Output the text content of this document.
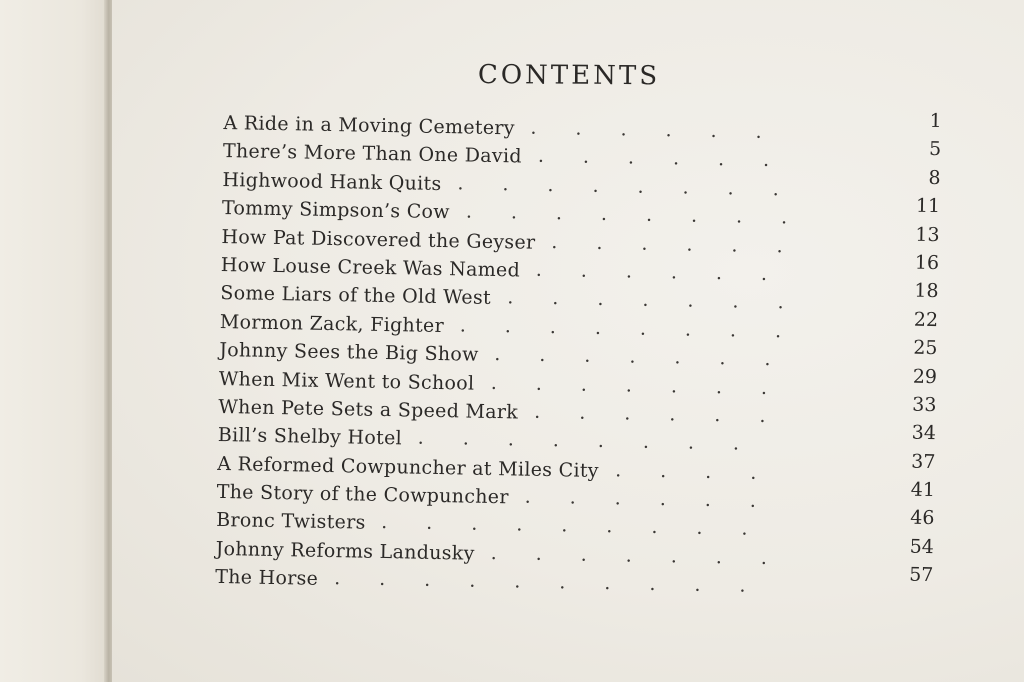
CONTENTS
A Ride in a Moving Cemetery ......	1
There’s More Than One David ......	5
Highwood Hank Quits ........	8
Tommy Simpson’s Cow ........	11
How Pat Discovered the Geyser ......	13
How Louse Creek Was Named ......	16
Some Liars of the Old West .......	18
Mormon Zack, Fighter ........	22
Johnny Sees the Big Show .......	25
When Mix Went to School .......	29
When Pete Sets a Speed Mark ......	33
Bill’s Shelby Hotel ........	34
A Reformed Cowpuncher at Miles City ....	37
The Story of the Cowpuncher ......	41
Bronc Twisters .........	46
Johnny Reforms Landusky .......	54
The Horse ..........	57
